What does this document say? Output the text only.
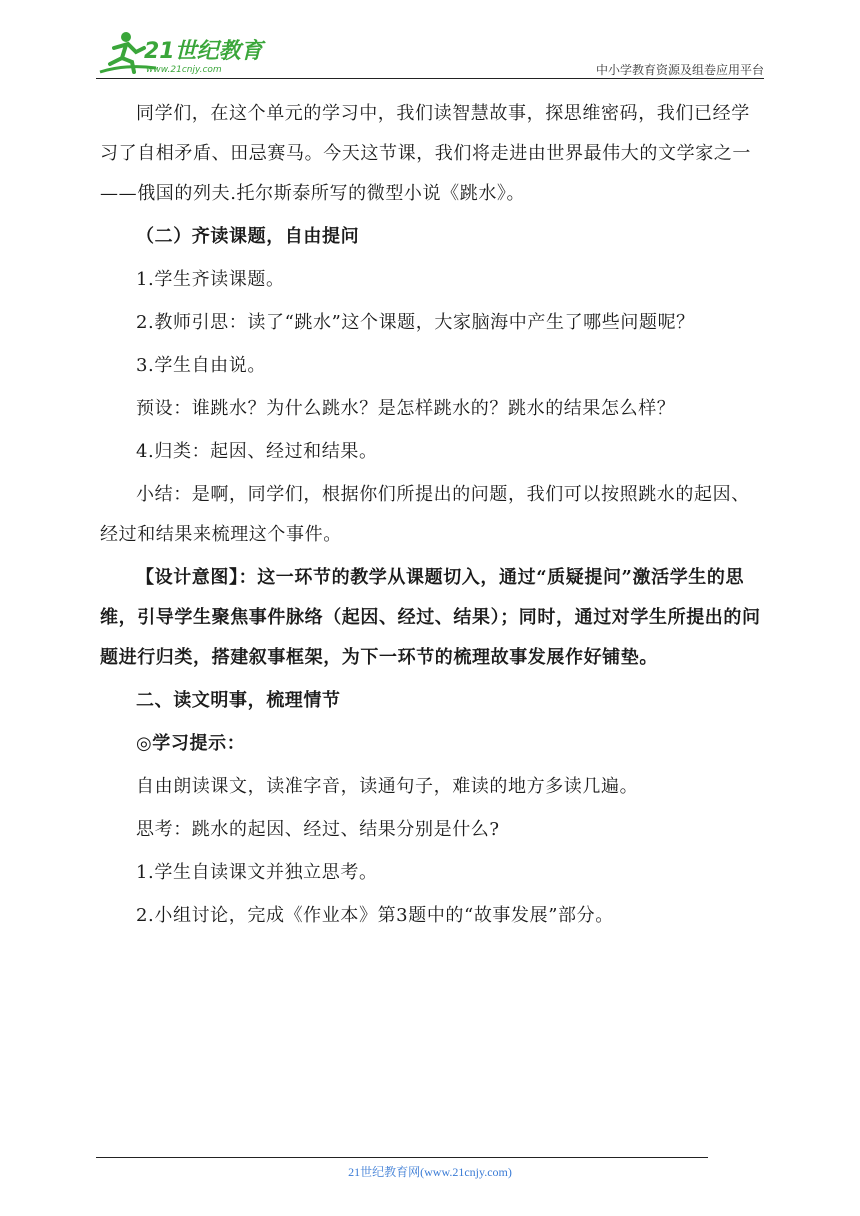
21世纪教育
www.21cnjy.com	中小学教育资源及组卷应用平台

同学们，在这个单元的学习中，我们读智慧故事，探思维密码，我们已经学习了自相矛盾、田忌赛马。今天这节课，我们将走进由世界最伟大的文学家之一——俄国的列夫.托尔斯泰所写的微型小说《跳水》。

（二）齐读课题，自由提问

1.学生齐读课题。

2.教师引思：读了“跳水”这个课题，大家脑海中产生了哪些问题呢？

3.学生自由说。

预设：谁跳水？为什么跳水？是怎样跳水的？跳水的结果怎么样？

4.归类：起因、经过和结果。

小结：是啊，同学们，根据你们所提出的问题，我们可以按照跳水的起因、经过和结果来梳理这个事件。

【设计意图】：这一环节的教学从课题切入，通过“质疑提问”激活学生的思维，引导学生聚焦事件脉络（起因、经过、结果）；同时，通过对学生所提出的问题进行归类，搭建叙事框架，为下一环节的梳理故事发展作好铺垫。

二、读文明事，梳理情节

◎学习提示：

自由朗读课文，读准字音，读通句子，难读的地方多读几遍。

思考：跳水的起因、经过、结果分别是什么?

1.学生自读课文并独立思考。

2.小组讨论，完成《作业本》第3题中的“故事发展”部分。

21世纪教育网(www.21cnjy.com)
